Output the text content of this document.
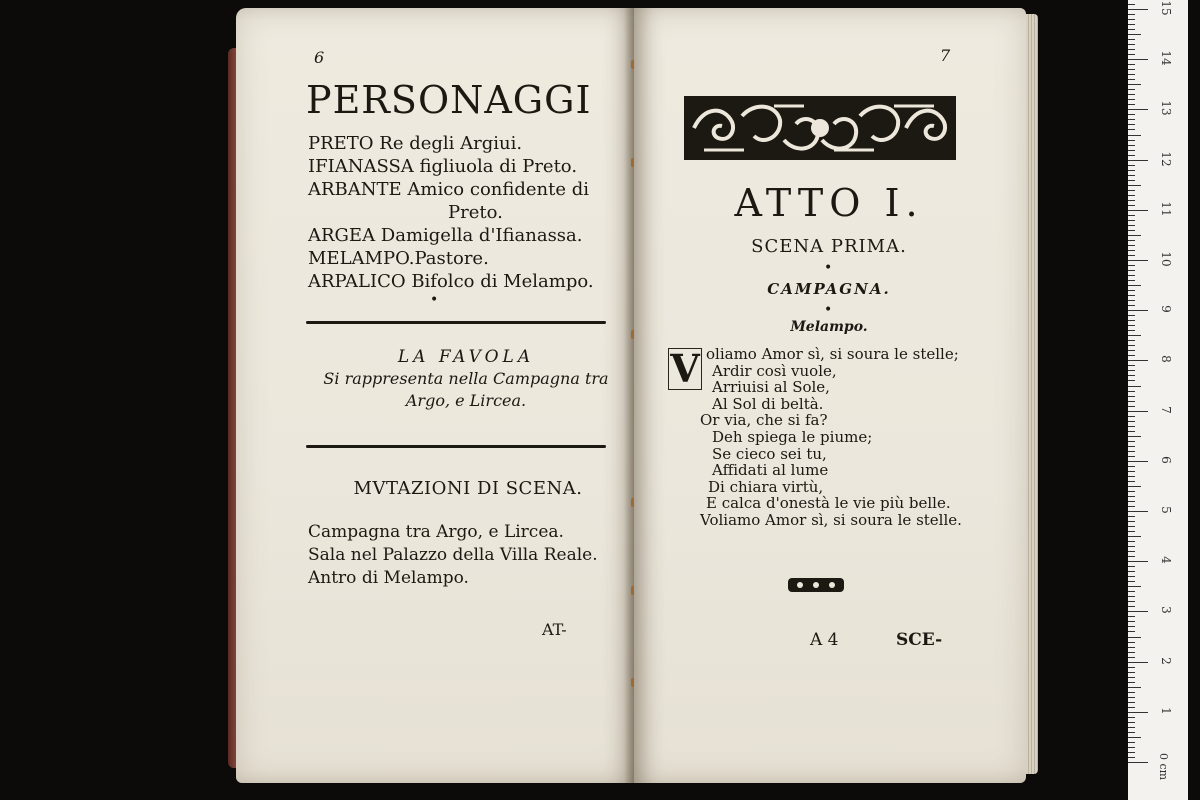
6
PERSONAGGI
PRETO Re degli Argiui.
IFIANASSA figliuola di Preto.
ARBANTE Amico confidente di
Preto.
ARGEA Damigella d'Ifianassa.
MELAMPO.Pastore.
ARPALICO Bifolco di Melampo.
•
LA FAVOLA
Si rappresenta nella Campagna tra
Argo, e Lircea.
MVTAZIONI DI SCENA.
Campagna tra Argo, e Lircea.
Sala nel Palazzo della Villa Reale.
Antro di Melampo.
AT-
7
ATTO I.
SCENA PRIMA.
•
CAMPAGNA.
•
Melampo.
V oliamo Amor sì, si soura le stelle;
Ardir così vuole,
Arriuisi al Sole,
Al Sol di beltà.
Or via, che si fa?
Deh spiega le piume;
Se cieco sei tu,
Affidati al lume
Di chiara virtù,
E calca d'onestà le vie più belle.
Voliamo Amor sì, si soura le stelle.
A 4	SCE-
0 cm
1
2
3
4
5
6
7
8
9
10
11
12
13
14
15
